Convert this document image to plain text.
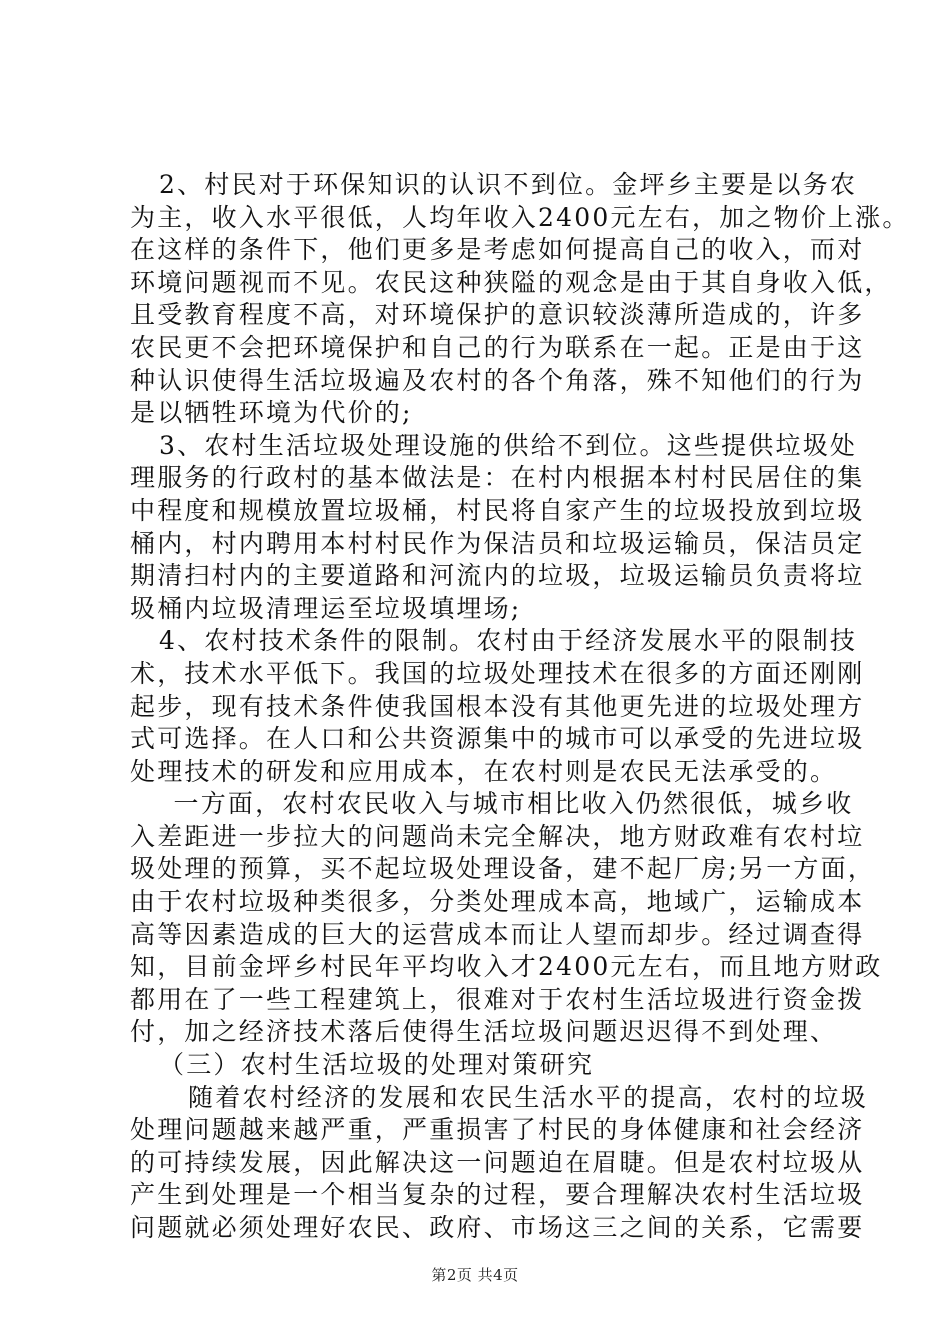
2、村民对于环保知识的认识不到位。金坪乡主要是以务农
为主，收入水平很低，人均年收入2400元左右，加之物价上涨。
在这样的条件下，他们更多是考虑如何提高自己的收入，而对
环境问题视而不见。农民这种狭隘的观念是由于其自身收入低，
且受教育程度不高，对环境保护的意识较淡薄所造成的，许多
农民更不会把环境保护和自己的行为联系在一起。正是由于这
种认识使得生活垃圾遍及农村的各个角落，殊不知他们的行为
是以牺牲环境为代价的;
3、农村生活垃圾处理设施的供给不到位。这些提供垃圾处
理服务的行政村的基本做法是：在村内根据本村村民居住的集
中程度和规模放置垃圾桶，村民将自家产生的垃圾投放到垃圾
桶内，村内聘用本村村民作为保洁员和垃圾运输员，保洁员定
期清扫村内的主要道路和河流内的垃圾，垃圾运输员负责将垃
圾桶内垃圾清理运至垃圾填埋场;
4、农村技术条件的限制。农村由于经济发展水平的限制技
术，技术水平低下。我国的垃圾处理技术在很多的方面还刚刚
起步，现有技术条件使我国根本没有其他更先进的垃圾处理方
式可选择。在人口和公共资源集中的城市可以承受的先进垃圾
处理技术的研发和应用成本，在农村则是农民无法承受的。
一方面，农村农民收入与城市相比收入仍然很低，城乡收
入差距进一步拉大的问题尚未完全解决，地方财政难有农村垃
圾处理的预算，买不起垃圾处理设备，建不起厂房;另一方面，
由于农村垃圾种类很多，分类处理成本高，地域广，运输成本
高等因素造成的巨大的运营成本而让人望而却步。经过调查得
知，目前金坪乡村民年平均收入才2400元左右，而且地方财政
都用在了一些工程建筑上，很难对于农村生活垃圾进行资金拨
付，加之经济技术落后使得生活垃圾问题迟迟得不到处理、
（三）农村生活垃圾的处理对策研究
随着农村经济的发展和农民生活水平的提高，农村的垃圾
处理问题越来越严重，严重损害了村民的身体健康和社会经济
的可持续发展，因此解决这一问题迫在眉睫。但是农村垃圾从
产生到处理是一个相当复杂的过程，要合理解决农村生活垃圾
问题就必须处理好农民、政府、市场这三之间的关系，它需要
第2页 共4页
